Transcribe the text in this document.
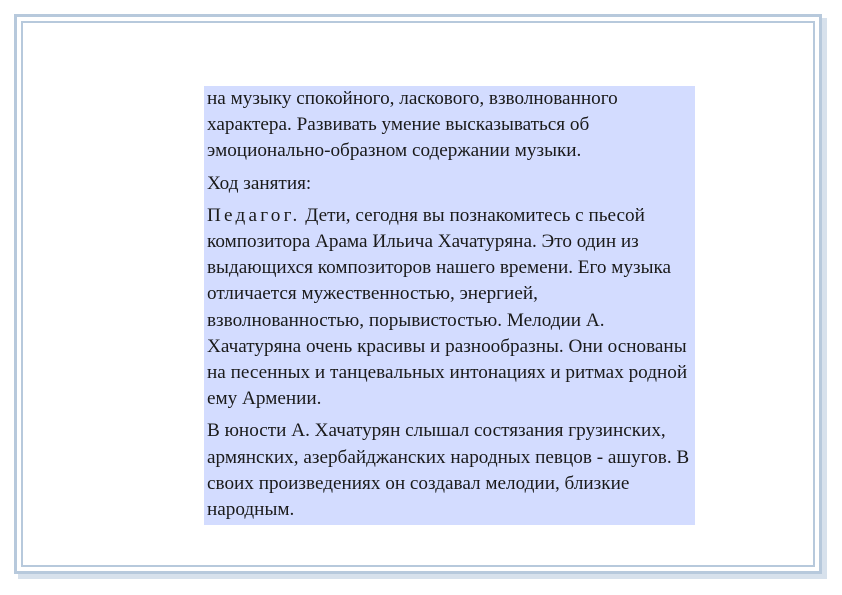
на музыку спокойного, ласкового, взволнованного характера. Развивать умение высказываться об эмоционально-образном содержании музыки.

Ход занятия:

Педагог. Дети, сегодня вы познакомитесь с пьесой композитора Арама Ильича Хачатуряна. Это один из выдающихся композиторов нашего времени. Его музыка отличается мужественностью, энергией, взволнованностью, порывистостью. Мелодии А. Хачатуряна очень красивы и разнообразны. Они основаны на песенных и танцевальных интонациях и ритмах родной ему Армении.

В юности А. Хачатурян слышал состязания грузинских, армянских, азербайджанских народных певцов - ашугов. В своих произведениях он создавал мелодии, близкие народным.
